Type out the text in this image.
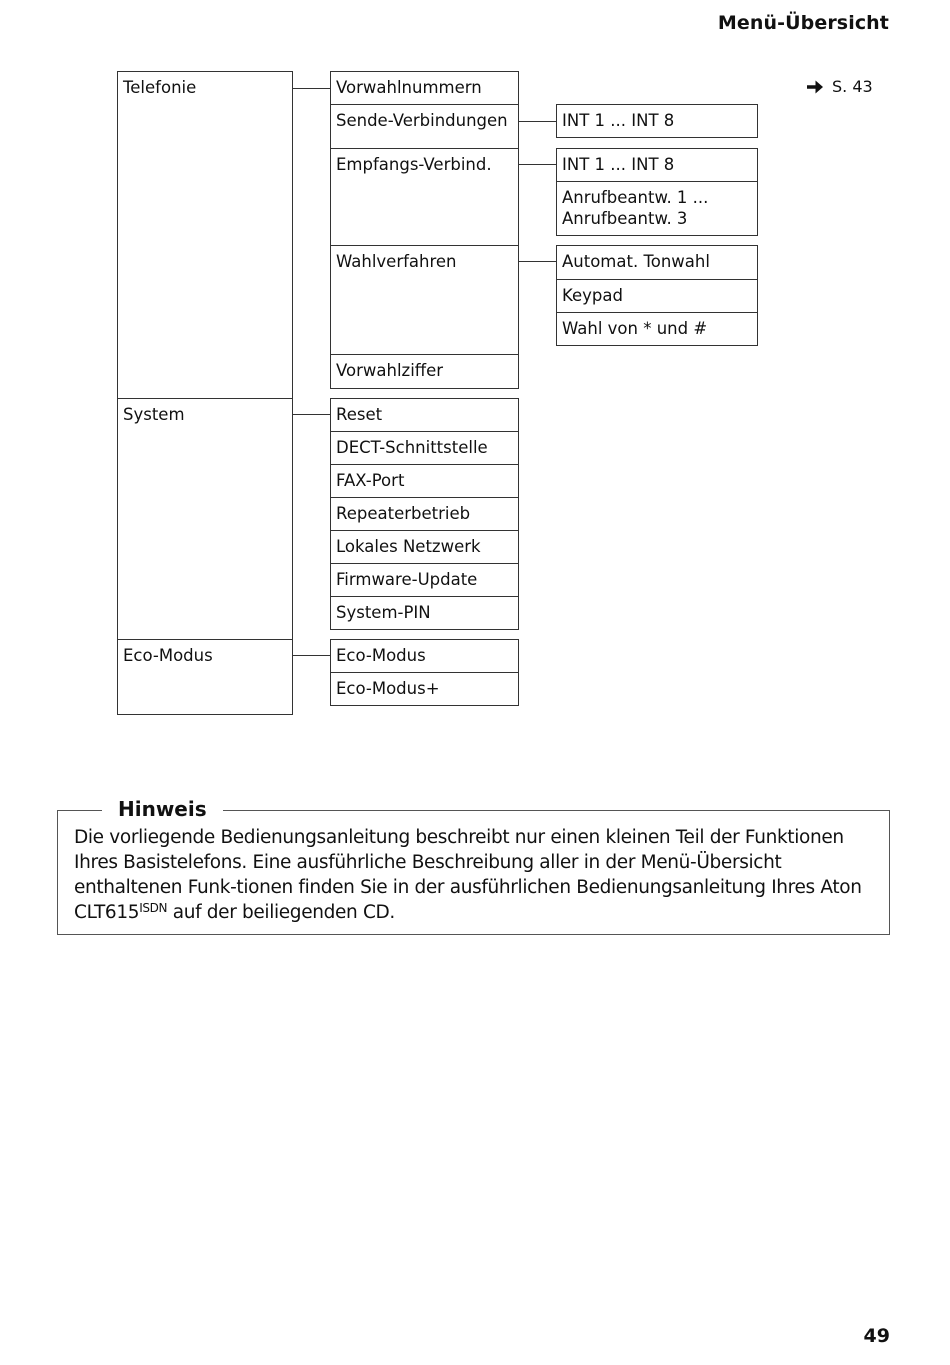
Menü-Übersicht
Telefonie
System
Eco-Modus
Vorwahlnummern
Sende-Verbindungen
Empfangs-Verbind.
Wahlverfahren
Vorwahlziffer
INT 1 ... INT 8
INT 1 ... INT 8
Anrufbeantw. 1 ...
Anrufbeantw. 3
Automat. Tonwahl
Keypad
Wahl von * und #
Reset
DECT-Schnittstelle
FAX-Port
Repeaterbetrieb
Lokales Netzwerk
Firmware-Update
System-PIN
Eco-Modus
Eco-Modus+
S. 43
Hinweis
Die vorliegende Bedienungsanleitung beschreibt nur einen kleinen Teil der Funktionen Ihres Basistelefons. Eine ausführliche Beschreibung aller in der Menü-Übersicht enthaltenen Funk-tionen finden Sie in der ausführlichen Bedienungsanleitung Ihres Aton $CLT615^{ISDN}$ auf der beiliegenden CD.
49
